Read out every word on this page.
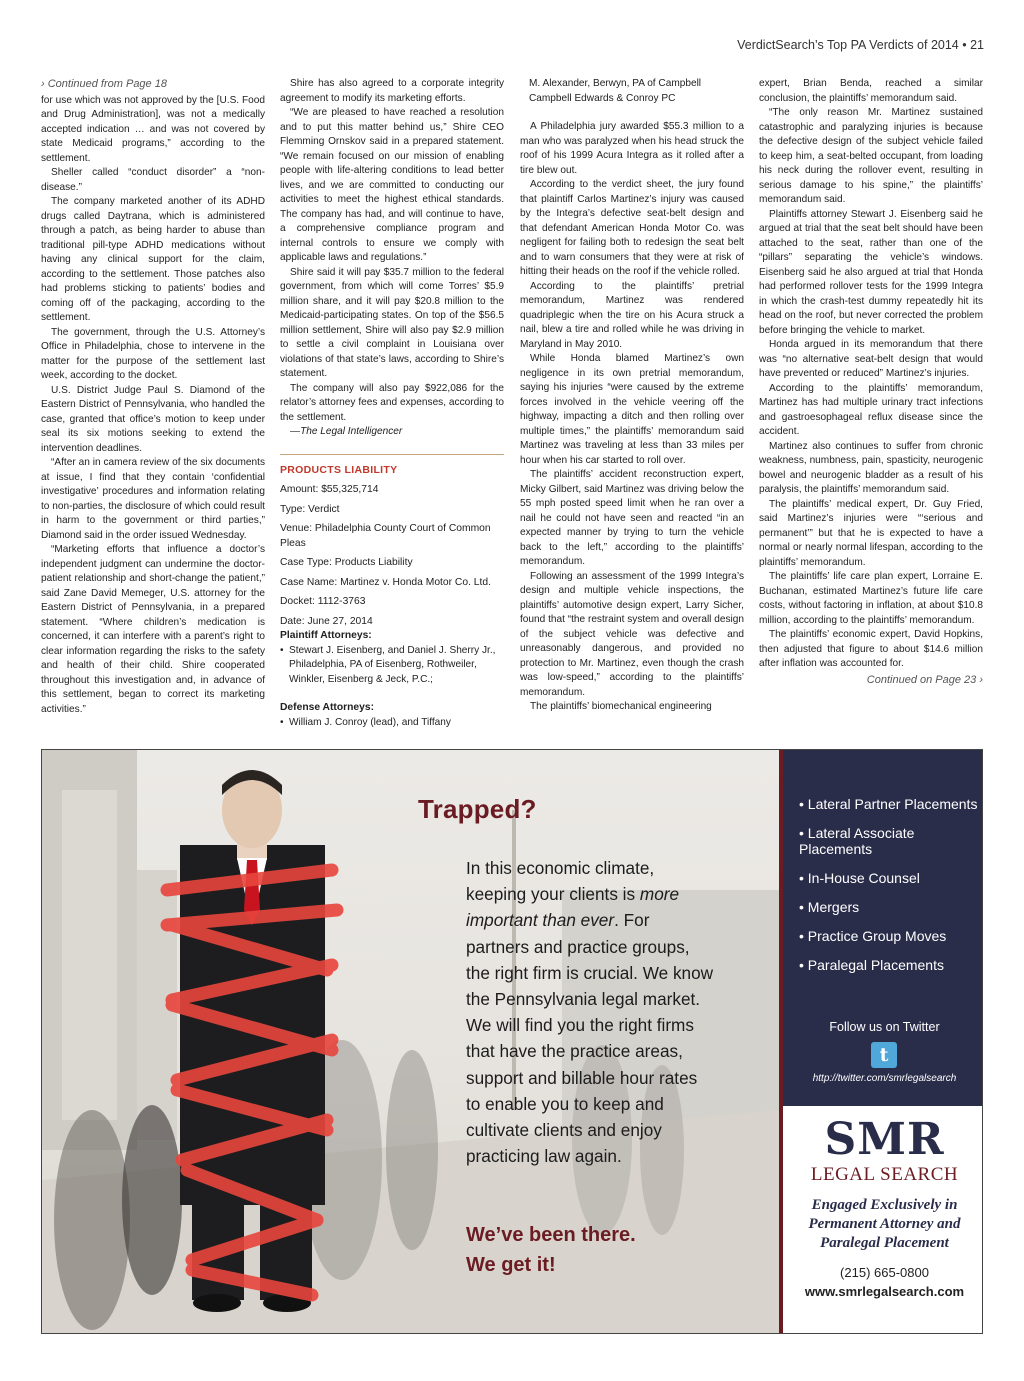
VerdictSearch’s Top PA Verdicts of 2014 • 21
› Continued from Page 18

for use which was not approved by the [U.S. Food and Drug Administration], was not a medically accepted indication … and was not covered by state Medicaid programs,” according to the settlement.

Sheller called “conduct disorder” a “non-disease.”

The company marketed another of its ADHD drugs called Daytrana, which is administered through a patch, as being harder to abuse than traditional pill-type ADHD medications without having any clinical support for the claim, according to the settlement. Those patches also had problems sticking to patients’ bodies and coming off of the packaging, according to the settlement.

The government, through the U.S. Attorney’s Office in Philadelphia, chose to intervene in the matter for the purpose of the settlement last week, according to the docket.

U.S. District Judge Paul S. Diamond of the Eastern District of Pennsylvania, who handled the case, granted that office’s motion to keep under seal its six motions seeking to extend the intervention deadlines.

“After an in camera review of the six documents at issue, I find that they contain ‘confidential investigative’ procedures and information relating to non-parties, the disclosure of which could result in harm to the government or third parties,” Diamond said in the order issued Wednesday.

“Marketing efforts that influence a doctor’s independent judgment can undermine the doctor-patient relationship and short-change the patient,” said Zane David Memeger, U.S. attorney for the Eastern District of Pennsylvania, in a prepared statement. “Where children’s medication is concerned, it can interfere with a parent’s right to clear information regarding the risks to the safety and health of their child. Shire cooperated throughout this investigation and, in advance of this settlement, began to correct its marketing activities.”

Shire has also agreed to a corporate integrity agreement to modify its marketing efforts.

“We are pleased to have reached a resolution and to put this matter behind us,” Shire CEO Flemming Ornskov said in a prepared statement. “We remain focused on our mission of enabling people with life-altering conditions to lead better lives, and we are committed to conducting our activities to meet the highest ethical standards. The company has had, and will continue to have, a comprehensive compliance program and internal controls to ensure we comply with applicable laws and regulations.”

Shire said it will pay $35.7 million to the federal government, from which will come Torres’ $5.9 million share, and it will pay $20.8 million to the Medicaid-participating states. On top of the $56.5 million settlement, Shire will also pay $2.9 million to settle a civil complaint in Louisiana over violations of that state’s laws, according to Shire’s statement.

The company will also pay $922,086 for the relator’s attorney fees and expenses, according to the settlement.

—The Legal Intelligencer

PRODUCTS LIABILITY
Amount: $55,325,714
Type: Verdict
Venue: Philadelphia County Court of Common Pleas
Case Type: Products Liability
Case Name: Martinez v. Honda Motor Co. Ltd.
Docket: 1112-3763
Date: June 27, 2014
Plaintiff Attorneys:
• Stewart J. Eisenberg, and Daniel J. Sherry Jr., Philadelphia, PA of Eisenberg, Rothweiler, Winkler, Eisenberg & Jeck, P.C.;
Defense Attorneys:
• William J. Conroy (lead), and Tiffany
M. Alexander, Berwyn, PA of Campbell Campbell Edwards & Conroy PC

A Philadelphia jury awarded $55.3 million to a man who was paralyzed when his head struck the roof of his 1999 Acura Integra as it rolled after a tire blew out.

According to the verdict sheet, the jury found that plaintiff Carlos Martinez’s injury was caused by the Integra’s defective seat-belt design and that defendant American Honda Motor Co. was negligent for failing both to redesign the seat belt and to warn consumers that they were at risk of hitting their heads on the roof if the vehicle rolled.

According to the plaintiffs’ pretrial memorandum, Martinez was rendered quadriplegic when the tire on his Acura struck a nail, blew a tire and rolled while he was driving in Maryland in May 2010.

While Honda blamed Martinez’s own negligence in its own pretrial memorandum, saying his injuries “were caused by the extreme forces involved in the vehicle veering off the highway, impacting a ditch and then rolling over multiple times,” the plaintiffs’ memorandum said Martinez was traveling at less than 33 miles per hour when his car started to roll over.

The plaintiffs’ accident reconstruction expert, Micky Gilbert, said Martinez was driving below the 55 mph posted speed limit when he ran over a nail he could not have seen and reacted “in an expected manner by trying to turn the vehicle back to the left,” according to the plaintiffs’ memorandum.

Following an assessment of the 1999 Integra’s design and multiple vehicle inspections, the plaintiffs’ automotive design expert, Larry Sicher, found that “the restraint system and overall design of the subject vehicle was defective and unreasonably dangerous, and provided no protection to Mr. Martinez, even though the crash was low-speed,” according to the plaintiffs’ memorandum.

The plaintiffs’ biomechanical engineering

expert, Brian Benda, reached a similar conclusion, the plaintiffs’ memorandum said.

“The only reason Mr. Martinez sustained catastrophic and paralyzing injuries is because the defective design of the subject vehicle failed to keep him, a seat-belted occupant, from loading his neck during the rollover event, resulting in serious damage to his spine,” the plaintiffs’ memorandum said.

Plaintiffs attorney Stewart J. Eisenberg said he argued at trial that the seat belt should have been attached to the seat, rather than one of the “pillars” separating the vehicle’s windows. Eisenberg said he also argued at trial that Honda had performed rollover tests for the 1999 Integra in which the crash-test dummy repeatedly hit its head on the roof, but never corrected the problem before bringing the vehicle to market.

Honda argued in its memorandum that there was “no alternative seat-belt design that would have prevented or reduced” Martinez’s injuries.

According to the plaintiffs’ memorandum, Martinez has had multiple urinary tract infections and gastroesophageal reflux disease since the accident.

Martinez also continues to suffer from chronic weakness, numbness, pain, spasticity, neurogenic bowel and neurogenic bladder as a result of his paralysis, the plaintiffs’ memorandum said.

The plaintiffs’ medical expert, Dr. Guy Fried, said Martinez’s injuries were “‘serious and permanent’” but that he is expected to have a normal or nearly normal lifespan, according to the plaintiffs’ memorandum.

The plaintiffs’ life care plan expert, Lorraine E. Buchanan, estimated Martinez’s future life care costs, without factoring in inflation, at about $10.8 million, according to the plaintiffs’ memorandum.

The plaintiffs’ economic expert, David Hopkins, then adjusted that figure to about $14.6 million after inflation was accounted for.

Continued on Page 23 ›
Trapped?
In this economic climate, keeping your clients is more important than ever. For partners and practice groups, the right firm is crucial. We know the Pennsylvania legal market. We will find you the right firms that have the practice areas, support and billable hour rates to enable you to keep and cultivate clients and enjoy practicing law again.
We’ve been there.
We get it!
• Lateral Partner Placements
• Lateral Associate Placements
• In-House Counsel
• Mergers
• Practice Group Moves
• Paralegal Placements
Follow us on Twitter
t
http://twitter.com/smrlegalsearch
SMR
LEGAL SEARCH
Engaged Exclusively in Permanent Attorney and Paralegal Placement
(215) 665-0800
www.smrlegalsearch.com
